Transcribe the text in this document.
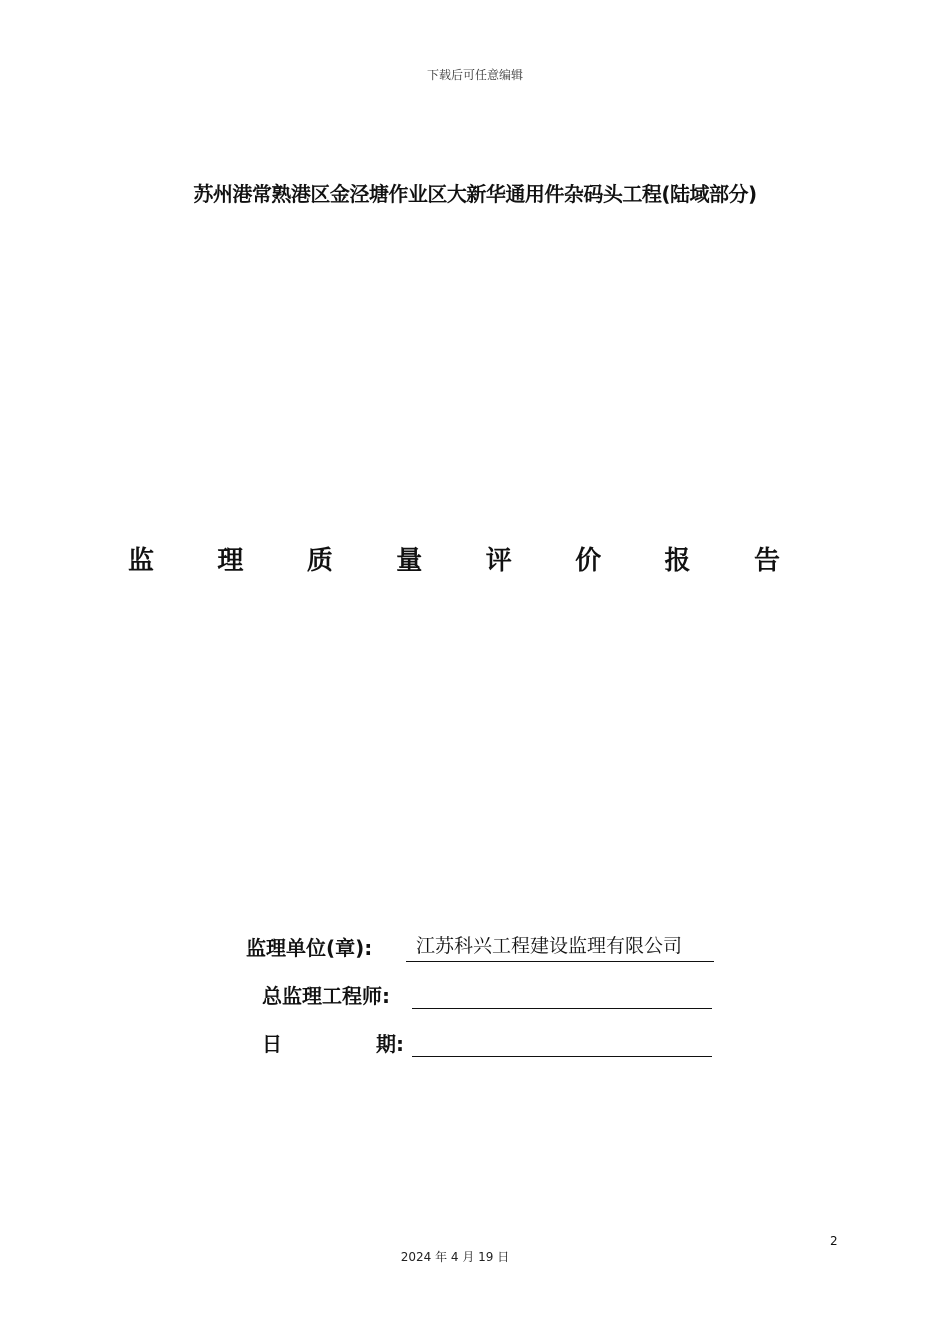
下载后可任意编辑
苏州港常熟港区金泾塘作业区大新华通用件杂码头工程(陆域部分)
监 理 质 量 评 价 报 告
监理单位(章):	江苏科兴工程建设监理有限公司
总监理工程师:
日	期:
2
2024 年 4 月 19 日
